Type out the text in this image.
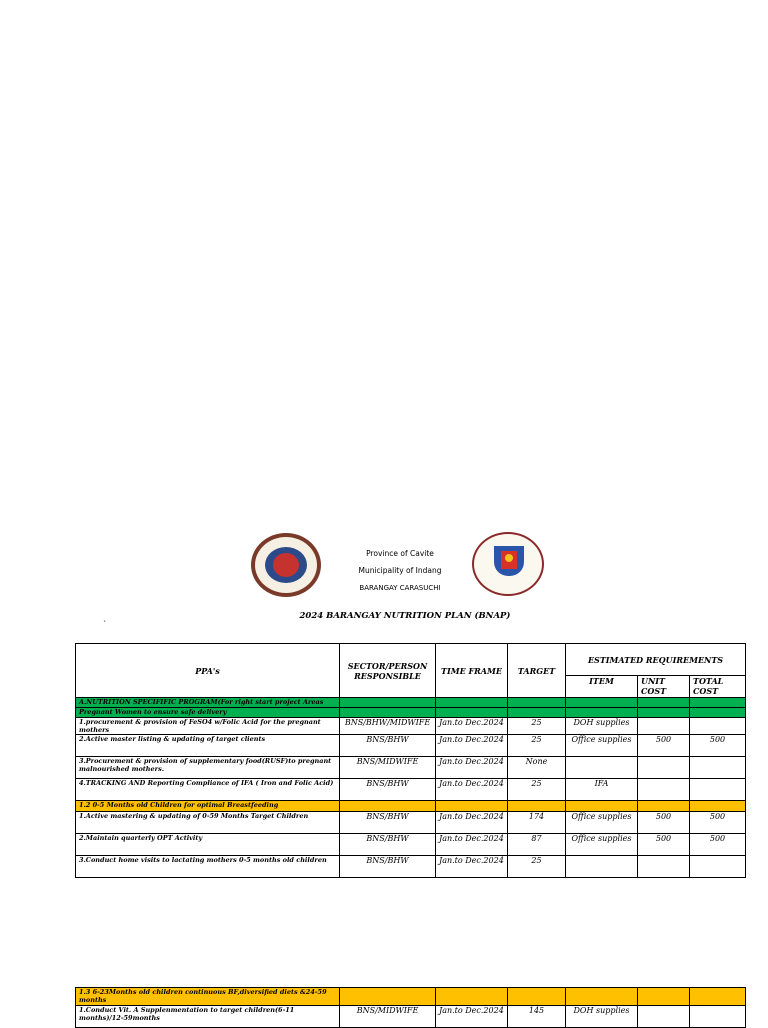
Province of Cavite
Municipality of Indang
BARANGAY CARASUCHI
2024 BARANGAY NUTRITION PLAN (BNAP)
`
PPA's	SECTOR/PERSON RESPONSIBLE	TIME FRAME	TARGET	ESTIMATED REQUIREMENTS		
				ITEM	UNIT COST	TOTAL COST
A.NUTRITION SPECIFIFIC PROGRAM(For right start project Areas						
Pregnant Women to ensure safe delivery						
1.procurement & provision of FeSO4 w/Folic Acid for the pregnant mothers	BNS/BHW/MIDWIFE	Jan.to Dec.2024	25	DOH supplies		
2.Active master listing & updating of target clients	BNS/BHW	Jan.to Dec.2024	25	Office supplies	500	500
3.Procurement & provision of supplementary food(RUSF)to pregnant malnourished mothers.	BNS/MIDWIFE	Jan.to Dec.2024	None			
4.TRACKING AND Reporting Compliance of IFA ( Iron and Folic Acid)	BNS/BHW	Jan.to Dec.2024	25	IFA		
1.2 0-5 Months old Children for optimal Breastfeeding						
1.Active mastering & updating of 0-59 Months Target Children	BNS/BHW	Jan.to Dec.2024	174	Office supplies	500	500
2.Maintain quarterly OPT Activity	BNS/BHW	Jan.to Dec.2024	87	Office supplies	500	500
3.Conduct home visits to lactating mothers 0-5 months old children	BNS/BHW	Jan.to Dec.2024	25			
1.3 6-23Months old children continuous BF,diversified diets &24-59 months						
1.Conduct Vit. A Supplenmentation to target children(6-11 months)/12-59months	BNS/MIDWIFE	Jan.to Dec.2024	145	DOH supplies		
